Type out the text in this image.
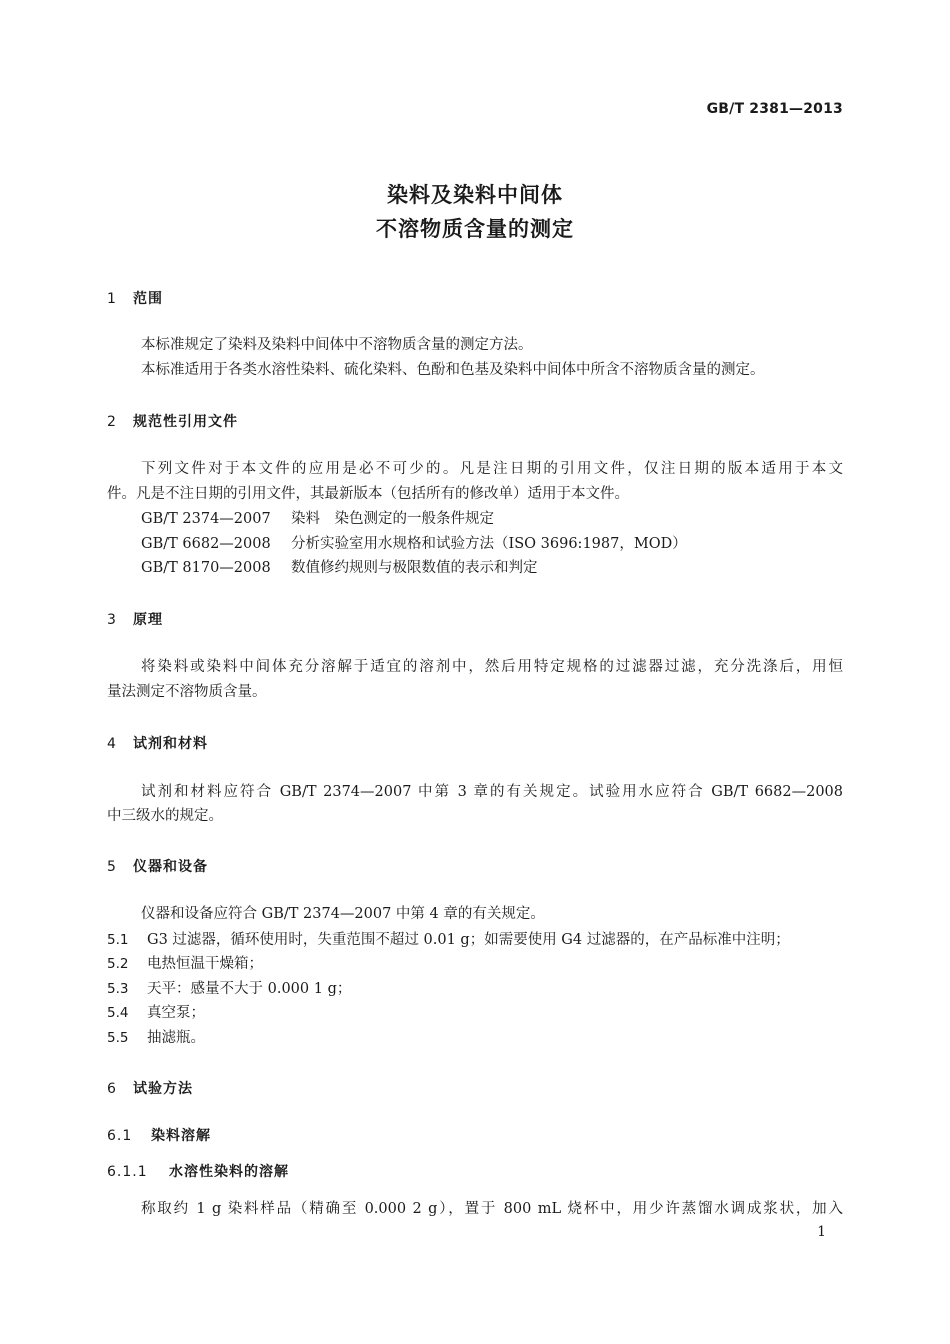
GB/T 2381—2013
染料及染料中间体
不溶物质含量的测定
1 范围
本标准规定了染料及染料中间体中不溶物质含量的测定方法。
本标准适用于各类水溶性染料、硫化染料、色酚和色基及染料中间体中所含不溶物质含量的测定。
2 规范性引用文件
下列文件对于本文件的应用是必不可少的。凡是注日期的引用文件，仅注日期的版本适用于本文
件。凡是不注日期的引用文件，其最新版本（包括所有的修改单）适用于本文件。
GB/T 2374—2007 染料　染色测定的一般条件规定
GB/T 6682—2008 分析实验室用水规格和试验方法（ISO 3696:1987，MOD）
GB/T 8170—2008 数值修约规则与极限数值的表示和判定
3 原理
将染料或染料中间体充分溶解于适宜的溶剂中，然后用特定规格的过滤器过滤，充分洗涤后，用恒
量法测定不溶物质含量。
4 试剂和材料
试剂和材料应符合 GB/T 2374—2007 中第 3 章的有关规定。试验用水应符合 GB/T 6682—2008
中三级水的规定。
5 仪器和设备
仪器和设备应符合 GB/T 2374—2007 中第 4 章的有关规定。
5.1 G3 过滤器，循环使用时，失重范围不超过 0.01 g；如需要使用 G4 过滤器的，在产品标准中注明；
5.2 电热恒温干燥箱；
5.3 天平：感量不大于 0.000 1 g；
5.4 真空泵；
5.5 抽滤瓶。
6 试验方法
6.1 染料溶解
6.1.1 水溶性染料的溶解
称取约 1 g 染料样品（精确至 0.000 2 g），置于 800 mL 烧杯中，用少许蒸馏水调成浆状，加入
1
